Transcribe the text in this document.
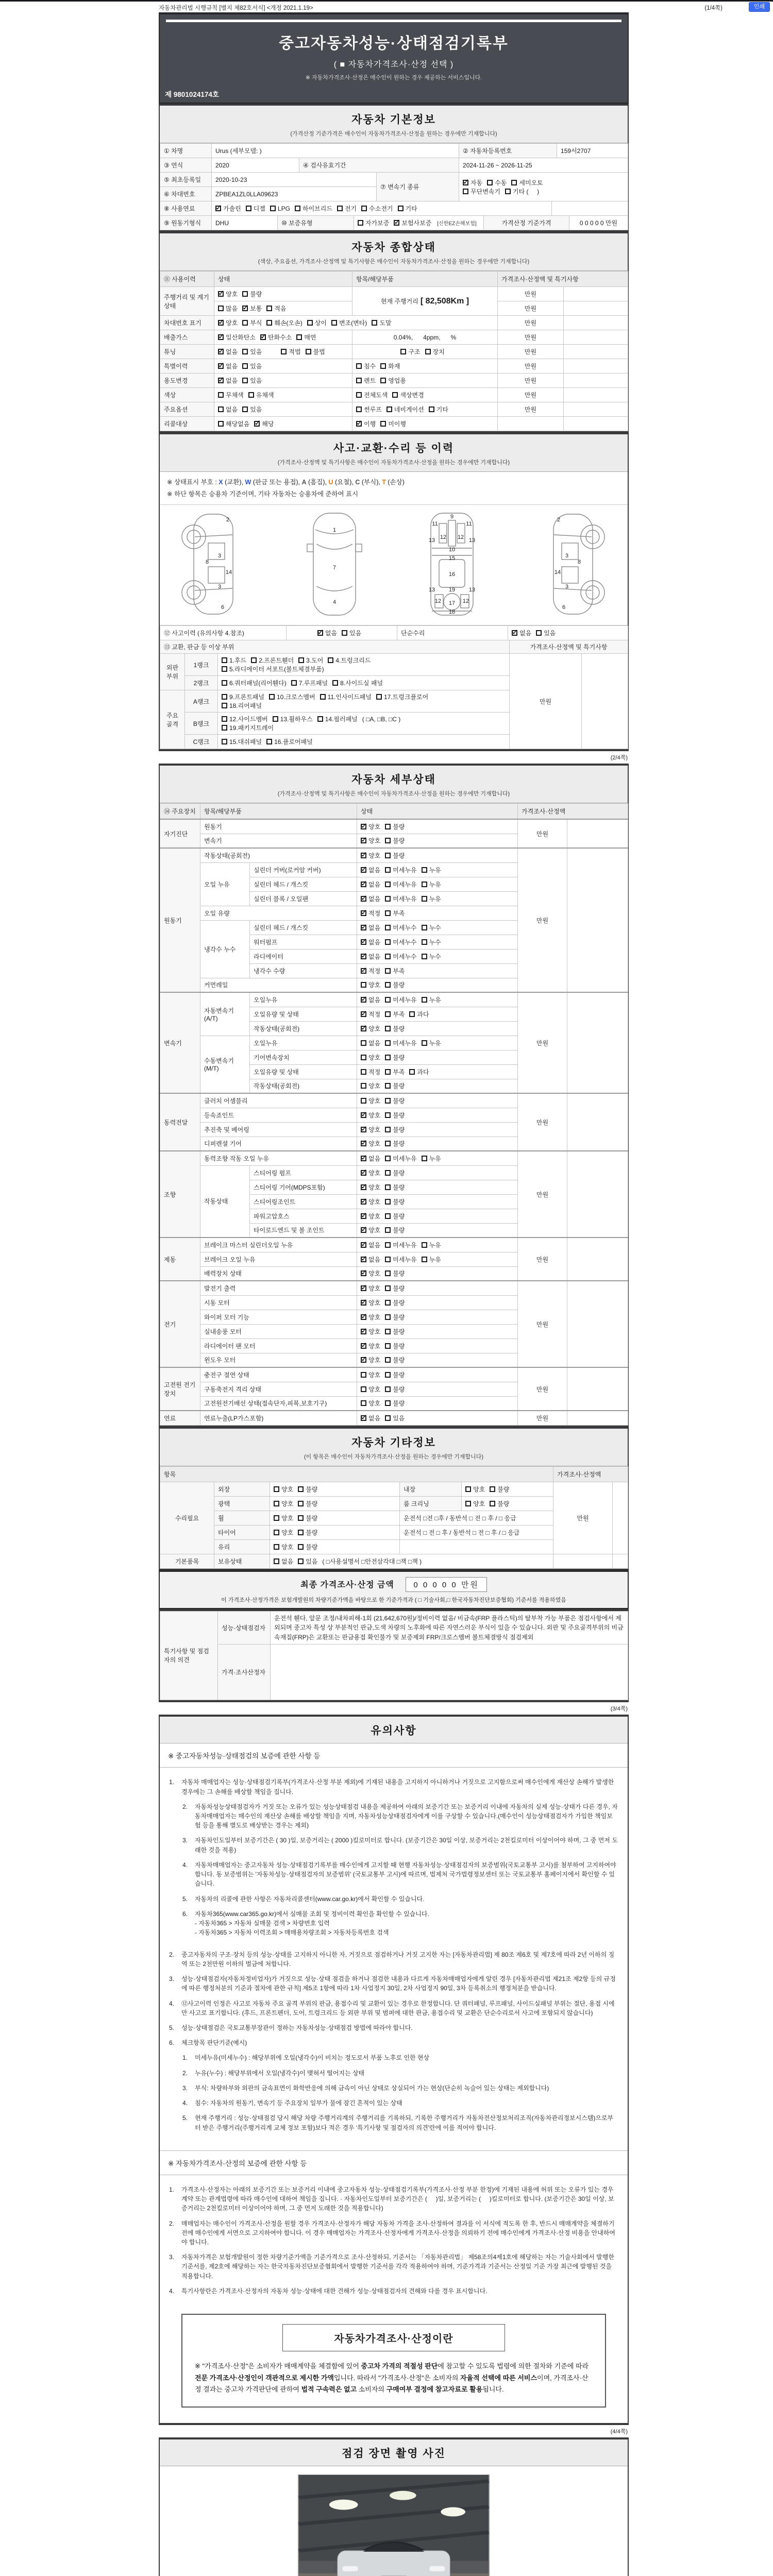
자동차관리법 시행규칙 [별지 제82호서식] <개정 2021.1.19>	(1/4쪽)	인쇄
중고자동차성능·상태점검기록부
( ■ 자동차가격조사·산정 선택 )
※ 자동차가격조사·산정은 매수인이 원하는 경우 제공하는 서비스입니다.
제 9801024174호
자동차 기본정보
(가격산정 기준가격은 매수인이 자동차가격조사·산정을 원하는 경우에만 기재합니다)
① 차명	Urus (세부모델: )			② 자동차등록번호	159서2707
③ 연식	2020	④ 검사유효기간		2024-11-26 ~ 2026-11-25	
⑤ 최초등록일	2020-10-23		⑦ 변속기 종류	✓자동 수동 세미오토
무단변속기 기타 (     )
⑥ 차대번호	ZPBEA1ZL0LLA09623				
⑧ 사용연료	✓가솔린 디젤 LPG 하이브리드 전기 수소전기 기타	
⑨ 원동기형식	DHU	⑩ 보증유형	자가보증 ✓ 보험사보증 [신한EZ손해보험]	가격산정 기준가격	0 0 0 0 0 만원
자동차 종합상태
(색상, 주요옵션, 가격조사·산정액 및 특기사항은 매수인이 자동차가격조사·산정을 원하는 경우에만 기재합니다)
⑪ 사용이력	상태	항목/해당부품	가격조사·산정액 및 특기사항	
주행거리 및 계기상태	✓양호 불량	현재 주행거리 [ 82,508Km ]	만원	
	많음 ✓ 보통 적음		만원	
차대번호 표기	✓양호 부식 훼손(오손) 상이 변조(변타) 도말		만원	
배출가스	✓일산화탄소 ✓ 탄화수소 매연	0.04%,      4ppm,      %	만원	
튜닝	✓없음 있음 적법 불법	구조 장치	만원	
특별이력	✓없음 있음	침수 화재	만원	
용도변경	✓없음 있음	렌트 영업용	만원	
색상	무채색 유채색	전체도색 색상변경	만원	
주요옵션	없음 있음	썬루프 네비게이션 기타	만원	
리콜대상	해당없음 ✓ 해당	✓이행 미이행		
사고·교환·수리 등 이력
(가격조사·산정액 및 특기사항은 매수인이 자동차가격조사·산정을 원하는 경우에만 기재합니다)
※ 상태표시 부호 : X (교환), W (판금 또는 용접), A (흠집), U (요철), C (부식), T (손상)
※ 하단 항목은 승용차 기준이며, 기타 자동차는 승용차에 준하여 표시
2
8
3
14
3
6
1
7
4
9
11	11
13	13
12 12
10
15
16
13 19 13
12 17 12
18
2
3
8
14
3
6
⑫ 사고이력 (유의사항 4.참조)	✓없음 있음	단순수리	✓없음 있음
⑬ 교환, 판금 등 이상 부위			가격조사·산정액 및 특기사항	
외판 부위	1랭크	1.후드 2.프론트휀더 3.도어 4.트렁크리드
5.라디에이터 서포트(볼트체결부품)	만원	
	2랭크	6.쿼터패널(리어휀다) 7.루프패널 8.사이드실 패널		
주요 골격	A랭크	9.프론트패널 10.크로스멤버 11.인사이드패널 17.트렁크플로어
18.리어패널		
	B랭크	12.사이드멤버 13.휠하우스 14.필러패널 ( □A, □B, □C )
19.패키지트레이		
	C랭크	15.대쉬패널 16.플로어패널		
(2/4쪽)
자동차 세부상태
(가격조사·산정액 및 특기사항은 매수인이 자동차가격조사·산정을 원하는 경우에만 기재합니다)
⑭ 주요장치	항목/해당부품		상태	가격조사·산정액	
자기진단	원동기	✓양호 불량	만원	
	변속기	✓양호 불량
원동기	작동상태(공회전)	✓양호 불량	만원	
	오일 누유	실린더 커버(로커암 커버)	✓없음 미세누유 누유
		실린더 헤드 / 개스킷	✓없음 미세누유 누유
		실린더 블록 / 오일팬	✓없음 미세누유 누유
	오일 유량	✓적정 부족
	냉각수 누수	실린더 헤드 / 개스킷	✓없음 미세누수 누수
		워터펌프	✓없음 미세누수 누수
		라디에이터	✓없음 미세누수 누수
		냉각수 수량	✓적정 부족
	커먼레일		양호 불량		
변속기	자동변속기 (A/T)	오일누유	✓없음 미세누유 누유	만원	
		오일유량 및 상태	✓적정 부족 과다
		작동상태(공회전)	✓양호 불량
	수동변속기 (M/T)	오일누유	없음 미세누유 누유		
		기어변속장치	양호 불량		
		오일유량 및 상태	적정 부족 과다		
		작동상태(공회전)	양호 불량		
동력전달	클러치 어셈블리		양호 불량	만원	
	등속죠인트	✓양호 불량
	추진축 및 베어링	✓양호 불량
	디퍼렌셜 기어	✓양호 불량
조향	동력조향 작동 오일 누유	✓없음 미세누유 누유	만원	
	작동상태	스티어링 펌프	✓양호 불량
		스티어링 기어(MDPS포함)	✓양호 불량
		스티어링조인트	✓양호 불량
		파워고압호스	✓양호 불량
		타이로드엔드 및 볼 조인트	✓양호 불량
제동	브레이크 마스터 실린더오일 누유	✓없음 미세누유 누유	만원	
	브레이크 오일 누유	✓없음 미세누유 누유
	배력장치 상태	✓양호 불량
전기	발전기 출력	✓양호 불량	만원	
	시동 모터	✓양호 불량
	와이퍼 모터 기능	✓양호 불량
	실내송풍 모터	✓양호 불량
	라디에이터 팬 모터	✓양호 불량
	윈도우 모터	✓양호 불량
고전원 전기장치	충전구 절연 상태		양호 불량	만원	
	구동축전지 격리 상태		양호 불량		
	고전원전기배선 상태(접속단자,피복,보호기구)		양호 불량		
연료	연료누출(LP가스포함)	✓없음 있음	만원	
자동차 기타정보
(이 항목은 매수인이 자동차가격조사·산정을 원하는 경우에만 기재합니다)
항목					가격조사·산정액	
수리필요	외장	양호 불량	내장	양호 불량	만원	
	광택	양호 불량	룸 크리닝	양호 불량		
	휠	양호 불량	운전석 □전 □후 / 동반석 □ 전 □ 후 / □ 응급			
	타이어	양호 불량	운전석 □ 전 □ 후 / 동반석 □ 전 □ 후 / □ 응급			
	유리	양호 불량				
기본품목	보유상태	없음 있음 ( □사용설명서 □안전삼각대 □잭 □잭 )				
최종 가격조사·산정 금액 0 0 0 0 0 만원
이 가격조사·산정가격은 보험개발원의 차량기준가액을 바탕으로 한 기준가격과 ( □ 기술사회,□ 한국자동차진단보증협회) 기준서를 적용하였음
특기사항 및 점검자의 의견	성능·상태점검자	운전석 휀다, 앞문 조정/내차피해-1회 (21,642,670원)/정비이력 없음/ 비금속(FRP 플라스틱)의 탈부착 가능 부품은 점검사항에서 제외되며 중고차 특성 상 부분적인 판금,도색 차량의 노후화에 따른 자연스러운 부식이 있을 수 있습니다. 외판 및 주요골격부위의 비금속재질(FRP)은 교환또는 판금용접 확인불가 및 보증제외 FRP/크로스멤버 볼트체결방식 점검제외
	가격·조사산정자	
(3/4쪽)
유의사항
※ 중고자동차성능·상태점검의 보증에 관한 사항 등
1.	자동차 매매업자는 성능·상태점검기록부(가격조사·산정 부분 제외)에 기재된 내용을 고지하지 아니하거나 거짓으로 고지함으로써 매수인에게 재산상 손해가 발생한 경우에는 그 손해를 배상할 책임을 집니다.
2.	자동차성능상태점검자가 거짓 또는 오류가 있는 성능상태점검 내용을 제공하여 아래의 보증기간 또는 보증거리 이내에 자동차의 실제 성능·상태가 다른 경우, 자동차매매업자는 매수인의 재산상 손해를 배상할 책임을 지며, 자동차성능상태점검자에게 이를 구상할 수 있습니다.(매수인이 성능상태점검자가 가입한 책임보험 등을 통해 별도로 배상받는 경우는 제외)
3.	자동차인도일부터 보증기간은 ( 30 )일, 보증거리는 ( 2000 )킬로미터로 합니다. (보증기간은 30일 이상, 보증거리는 2천킬로미터 이상이어야 하며, 그 중 먼저 도래한 것을 적용)
4.	자동차매매업자는 중고자동차 성능·상태점검기록부를 매수인에게 고지할 때 현행 자동차성능·상태점검자의 보증범위(국토교통부 고시)를 첨부하여 고지하여야 합니다. 동 보증범위는 '자동차성능·상태점검자의 보증범위' (국토교통부 고시)에 따르며, 법제처 국가법령정보센터 또는 국토교통부 홈페이지에서 확인할 수 있습니다.
5.	자동차의 리콜에 관한 사항은 자동차리콜센터(www.car.go.kr)에서 확인할 수 있습니다.
6.	자동차365(www.car365.go.kr)에서 실매물 조회 및 정비이력 확인을 확인할 수 있습니다.
- 자동차365 > 자동차 실매물 검색 > 차량번호 입력
- 자동차365 > 자동차 이력조회 > 매매용차량조회 > 자동차등록번호 검색
2.	중고자동차의 구조·장치 등의 성능·상태를 고지하지 아니한 자, 거짓으로 점검하거나 거짓 고지한 자는 [자동차관리법] 제 80조 제6호 및 제7호에 따라 2년 이하의 징역 또는 2천만원 이하의 벌금에 처합니다.
3.	성능·상태점검자(자동차정비업자)가 거짓으로 성능·상태 점검을 하거나 점검한 내용과 다르게 자동차매매업자에게 알린 경우 [자동차관리법 제21조 제2항 등의 규정에 따른 행정처분의 기준과 절차에 관한 규칙] 제5조 1항에 따라 1차 사업정지 30일, 2차 사업정지 90일, 3차 등록취소의 행정처분을 받습니다.
4.	⑫사고이력 인정은 사고로 자동차 주요 골격 부위의 판금, 용접수리 및 교환이 있는 경우로 한정합니다. 단 쿼터패널, 루프패널, 사이드실패널 부위는 절단, 용접 시에만 사고로 표기합니다. (후드, 프론트펜더, 도어, 트렁크리드 등 외판 부위 및 범퍼에 대한 판금, 용접수리 및 교환은 단순수리로서 사고에 포함되지 않습니다)
5.	성능·상태점검은 국토교통부장관이 정하는 자동차성능·상태점검 방법에 따라야 합니다.
6.	체크항목 판단기준(예시)
1.	미세누유(미세누수) : 해당부위에 오일(냉각수)이 비치는 정도로서 부품 노후로 인한 현상
2.	누유(누수) : 해당부위에서 오일(냉각수)이 맺혀서 떨어지는 상태
3.	부식: 차량하부와 외판의 금속표면이 화학반응에 의해 금속이 아닌 상태로 상실되어 가는 현상(단순히 녹슬어 있는 상태는 제외합니다)
4.	침수: 자동차의 원동기, 변속기 등 주요장치 일부가 물에 잠긴 흔적이 있는 상태
5.	현재 주행거리 : 성능·상태점검 당시 해당 차량 주행거리계의 주행거리를 기록하되, 기록한 주행거리가 자동차전산정보처리조직(자동차관리정보시스템)으로부터 받은 주행거리(주행거리계 교체 정보 포함)보다 적은 경우 '특기사항 및 점검자의 의견'란에 이를 적어야 합니다.
※ 자동차가격조사·산정의 보증에 관한 사항 등
1.	가격조사·산정자는 아래의 보증기간 또는 보증거리 이내에 중고자동차 성능·상태점검기록부(가격조사·산정 부분 한정)에 기재된 내용에 허위 또는 오류가 있는 경우 계약 또는 관계법령에 따라 매수인에 대하여 책임을 집니다. · 자동차인도일부터 보증기간은 (     )일, 보증거리는 (     )킬로미터로 합니다. (보증기간은 30일 이상, 보증거리는 2천킬로미터 이상이어야 하며, 그 중 먼저 도래한 것을 적용합니다)
2.	매매업자는 매수인이 가격조사·산정을 원할 경우 가격조사·산정자가 해당 자동차 가격을 조사·산정하여 결과를 이 서식에 적도록 한 후, 반드시 매매계약을 체결하기 전에 매수인에게 서면으로 고지하여야 합니다. 이 경우 매매업자는 가격조사·산정자에게 가격조사·산정을 의뢰하기 전에 매수인에게 가격조사·산정 비용을 안내하여야 합니다.
3.	자동차가격은 보험개발원이 정한 차량기준가액을 기준가격으로 조사·산정하되, 기준서는 「자동차관리법」 제58조의4제1호에 해당하는 자는 기술사회에서 발행한 기준서를, 제2호에 해당하는 자는 한국자동차진단보증협회에서 발행한 기준서를 각각 적용하여야 하며, 기준가격과 기준서는 산정일 기준 가장 최근에 발행된 것을 적용합니다.
4.	특기사항란은 가격조사·산정자의 자동차 성능·상태에 대한 견해가 성능·상태점검자의 견해와 다를 경우 표시합니다.
자동차가격조사·산정이란
※ "가격조사·산정"은 소비자가 매매계약을 체결함에 있어 중고차 가격의 적절성 판단에 참고할 수 있도록 법령에 의한 절차와 기준에 따라 전문 가격조사·산정인이 객관적으로 제시한 가액입니다. 따라서 "가격조사·산정"은 소비자의 자율적 선택에 따른 서비스이며, 가격조사·산정 결과는 중고차 가격판단에 관하여 법적 구속력은 없고 소비자의 구매여부 결정에 참고자료로 활용됩니다.
(4/4쪽)
점검 장면 촬영 사진
